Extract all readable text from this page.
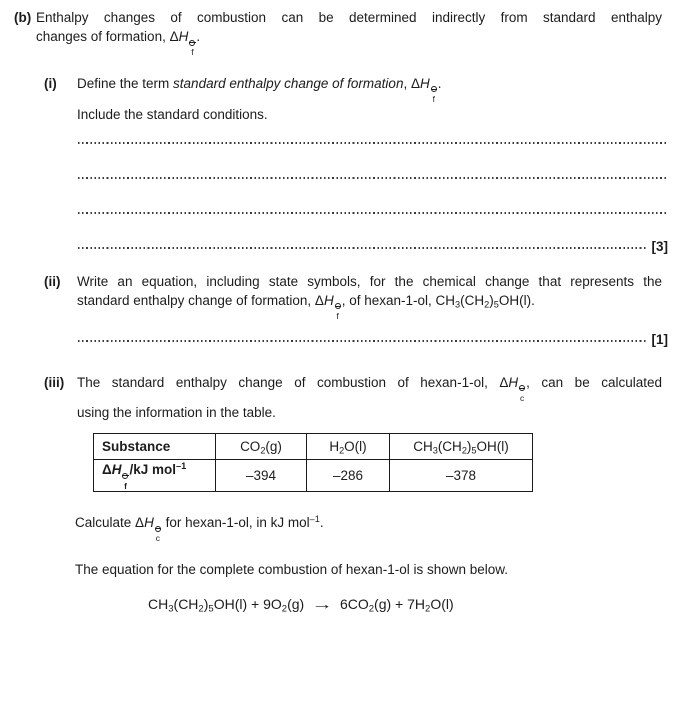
(b) Enthalpy changes of combustion can be determined indirectly from standard enthalpy
changes of formation, ΔH
f
.
(i)	Define the term standard enthalpy change of formation, ΔH
f
.
Include the standard conditions.
[3]
(ii)	Write an equation, including state symbols, for the chemical change that represents the
standard enthalpy change of formation, ΔH
f
, of hexan-1-ol, $CH_3(CH_2)_5OH(l)$.
[1]
(iii) The standard enthalpy change of combustion of hexan-1-ol, ΔH
c
, can be calculated
using the information in the table.
Substance	$CO_2(g)$	$H_2O(l)$	$CH_3(CH_2)_5OH(l)$
ΔH
f
/kJ mol$^{-1}$	–394	–286	–378
Calculate ΔH
c
for hexan-1-ol, in kJ mol$^{-1}$.
The equation for the complete combustion of hexan-1-ol is shown below.
$CH_3(CH_2)_5OH(l) + 9O_2(g) \to 6CO_2(g) + 7H_2O(l)$
